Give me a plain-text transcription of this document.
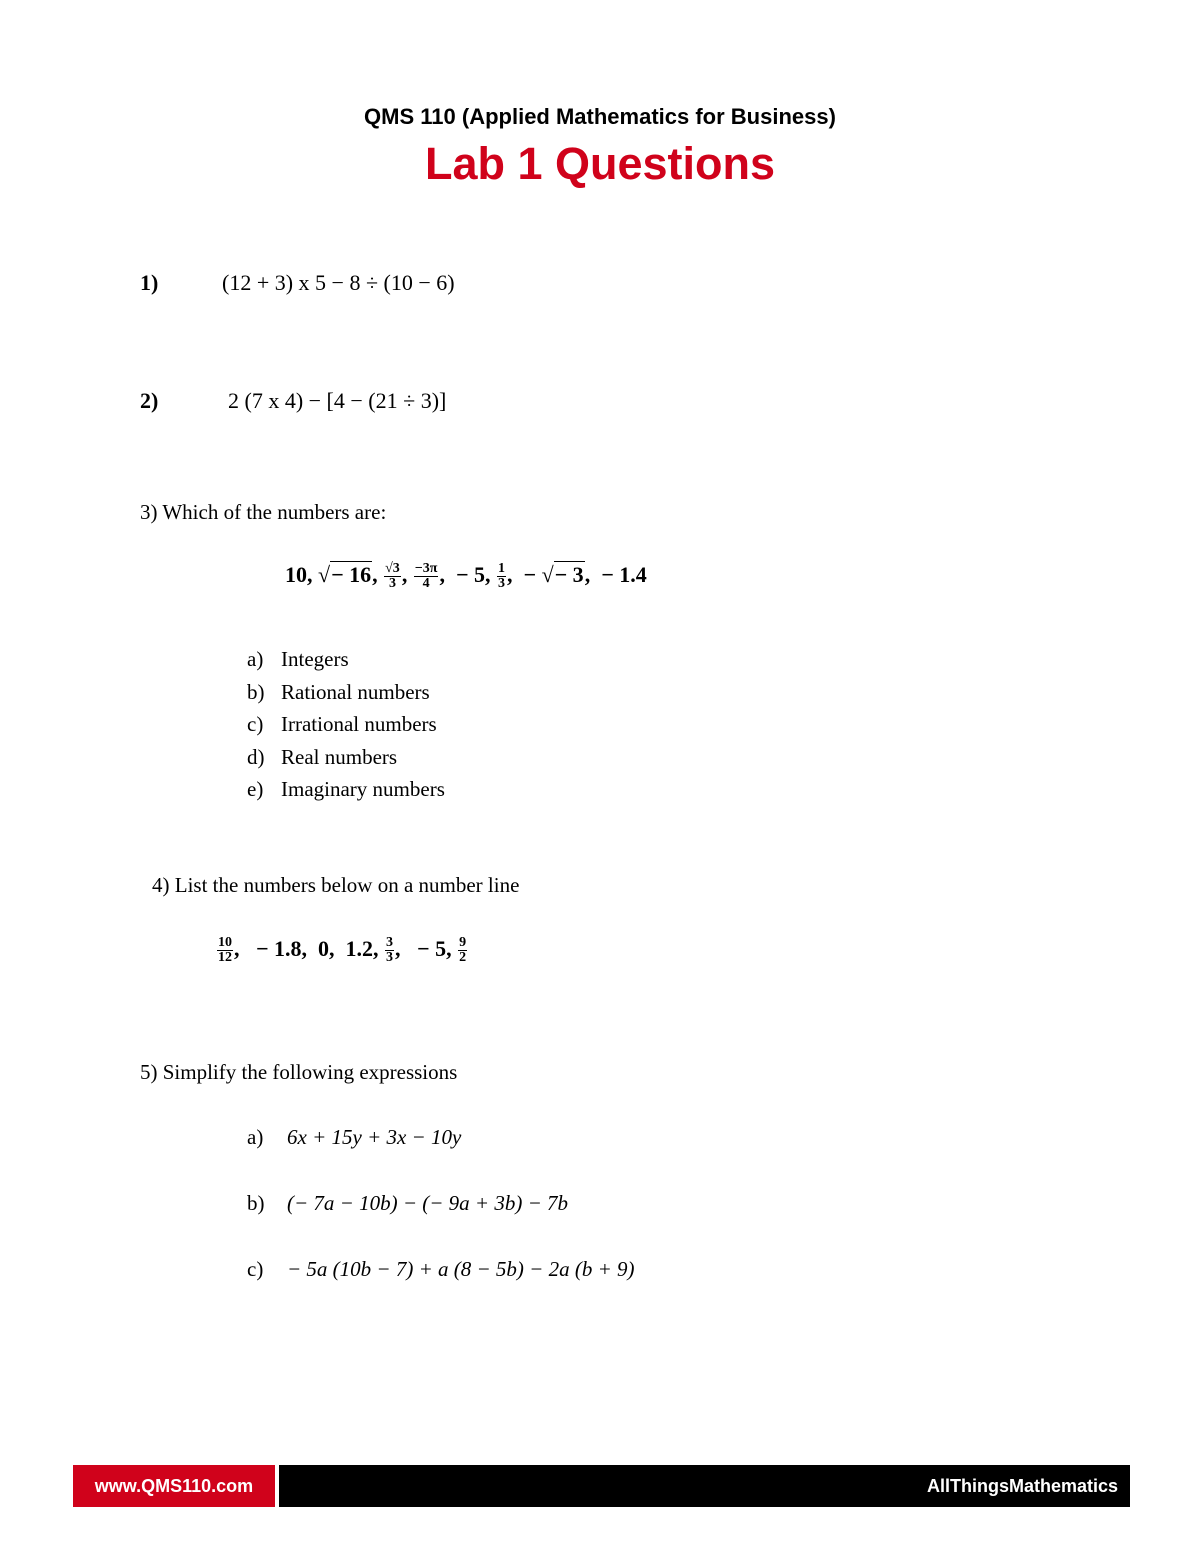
QMS 110 (Applied Mathematics for Business)
Lab 1 Questions
1)	(12 + 3) x 5 − 8 ÷ (10 − 6)
2)	2 (7 x 4) − [4 − (21 ÷ 3)]
3) Which of the numbers are:
10, √− 16, $\frac{√3}{3}$ , $\frac{-3\pi}{4}$ , − 5, $\frac{1}{3}$ , − √− 3, − 1.4
a) Integers
b) Rational numbers
c) Irrational numbers
d) Real numbers
e) Imaginary numbers
4) List the numbers below on a number line
$\frac{10}{12}$ ,   − 1.8,  0,  1.2, $\frac{3}{3}$ ,   − 5, $\frac{9}{2}$
5) Simplify the following expressions
a) 6x + 15y + 3x − 10y
b) (− 7a − 10b) − (− 9a + 3b) − 7b
c) − 5a (10b − 7) + a (8 − 5b) − 2a (b + 9)
www.QMS110.com	AllThingsMathematics
